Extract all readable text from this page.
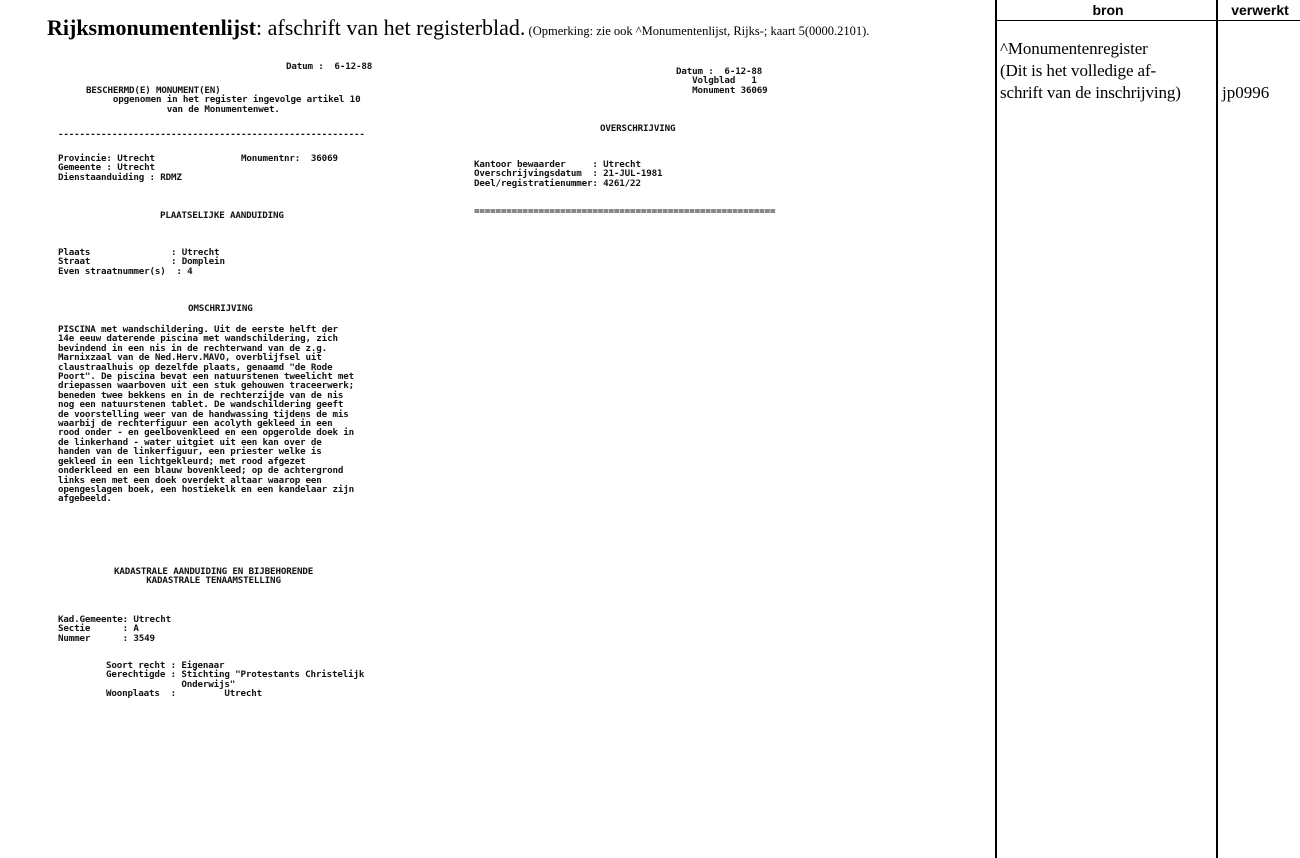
Rijksmonumentenlijst: afschrift van het registerblad. (Opmerking: zie ook ^Monumentenlijst, Rijks-; kaart 5(0000.2101).
bron	verwerkt
^Monumentenregister
(Dit is het volledige af-
schrift van de inschrijving)	jp0996
Datum :  6-12-88
BESCHERMD(E) MONUMENT(EN)
opgenomen in het register ingevolge artikel 10
van de Monumentenwet.
---------------------------------------------------------
Provincie: Utrecht                Monumentnr:  36069
Gemeente : Utrecht
Dienstaanduiding : RDMZ
PLAATSELIJKE AANDUIDING
Plaats               : Utrecht
Straat               : Domplein
Even straatnummer(s)  : 4
OMSCHRIJVING
PISCINA met wandschildering. Uit de eerste helft der
14e eeuw daterende piscina met wandschildering, zich
bevindend in een nis in de rechterwand van de z.g.
Marnixzaal van de Ned.Herv.MAVO, overblijfsel uit
claustraalhuis op dezelfde plaats, genaamd "de Rode
Poort". De piscina bevat een natuurstenen tweelicht met
driepassen waarboven uit een stuk gehouwen traceerwerk;
beneden twee bekkens en in de rechterzijde van de nis
nog een natuurstenen tablet. De wandschildering geeft
de voorstelling weer van de handwassing tijdens de mis
waarbij de rechterfiguur een acolyth gekleed in een
rood onder - en geelbovenkleed en een opgerolde doek in
de linkerhand - water uitgiet uit een kan over de
handen van de linkerfiguur, een priester welke is
gekleed in een lichtgekleurd; met rood afgezet
onderkleed en een blauw bovenkleed; op de achtergrond
links een met een doek overdekt altaar waarop een
opengeslagen boek, een hostiekelk en een kandelaar zijn
afgebeeld.
KADASTRALE AANDUIDING EN BIJBEHORENDE
KADASTRALE TENAAMSTELLING
Kad.Gemeente: Utrecht
Sectie      : A
Nummer      : 3549
Soort recht : Eigenaar
Gerechtigde : Stichting "Protestants Christelijk
Onderwijs"
Woonplaats  :         Utrecht
Datum :  6-12-88
Volgblad   1
Monument 36069
OVERSCHRIJVING
Kantoor bewaarder     : Utrecht
Overschrijvingsdatum  : 21-JUL-1981
Deel/registratienummer: 4261/22
========================================================
